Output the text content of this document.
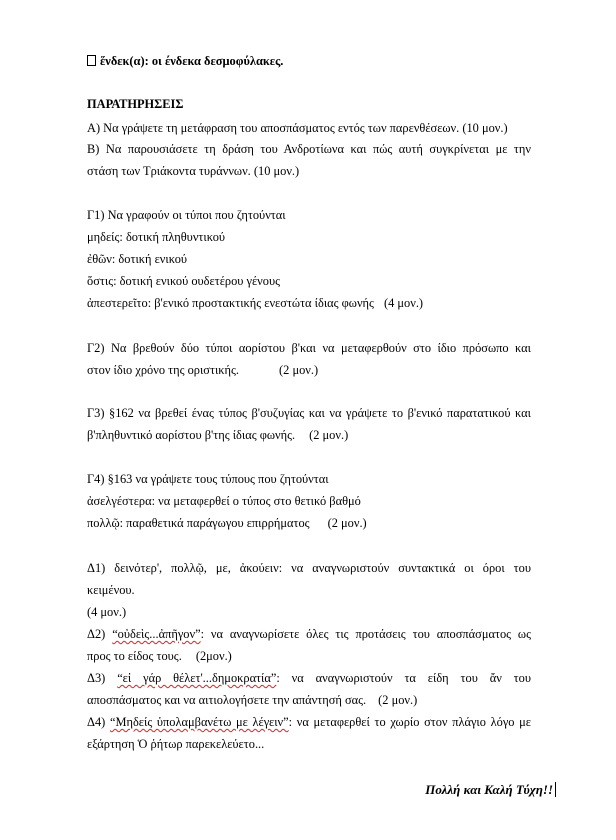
ἕνδεκ(α): οι ένδεκα δεσμοφύλακες.
ΠΑΡΑΤΗΡΗΣΕΙΣ
Α) Να γράψετε τη μετάφραση του αποσπάσματος εντός των παρενθέσεων. (10 μον.)
Β) Να παρουσιάσετε τη δράση του Ανδροτίωνα και πώς αυτή συγκρίνεται με την
στάση των Τριάκοντα τυράννων. (10 μον.)
Γ1) Να γραφούν οι τύποι που ζητούνται
μηδείς: δοτική πληθυντικού
ἐθῶν: δοτική ενικού
ὅστις: δοτική ενικού ουδετέρου γένους
ἀπεστερεῖτο: β'ενικό προστακτικής ενεστώτα ίδιας φωνής (4 μον.)
Γ2) Να βρεθούν δύο τύποι αορίστου β'και να μεταφερθούν στο ίδιο πρόσωπο και
στον ίδιο χρόνο της οριστικής.	(2 μον.)
Γ3) §162 να βρεθεί ένας τύπος β'συζυγίας και να γράψετε το β'ενικό παρατατικού και
β'πληθυντικό αορίστου β'της ίδιας φωνής. (2 μον.)
Γ4) §163 να γράψετε τους τύπους που ζητούνται
ἀσελγέστερα: να μεταφερθεί ο τύπος στο θετικό βαθμό
πολλῷ: παραθετικά παράγωγου επιρρήματος (2 μον.)
Δ1) δεινότερ', πολλῷ, με, ἀκούειν: να αναγνωριστούν συντακτικά οι όροι του
κειμένου.
(4 μον.)
Δ2) “οὐδεὶς...ἀπῆγον”: να αναγνωρίσετε όλες τις προτάσεις του αποσπάσματος ως
προς το είδος τους. (2μον.)
Δ3) “εἰ γάρ θέλετ'...δημοκρατία”: να αναγνωριστούν τα είδη του ἄν του
αποσπάσματος και να αιτιολογήσετε την απάντησή σας. (2 μον.)
Δ4) “Μηδείς ὑπολαμβανέτω με λέγειν”: να μεταφερθεί το χωρίο στον πλάγιο λόγο με
εξάρτηση Ὁ ῥήτωρ παρεκελεύετο...
Πολλή και Καλή Τύχη!!
